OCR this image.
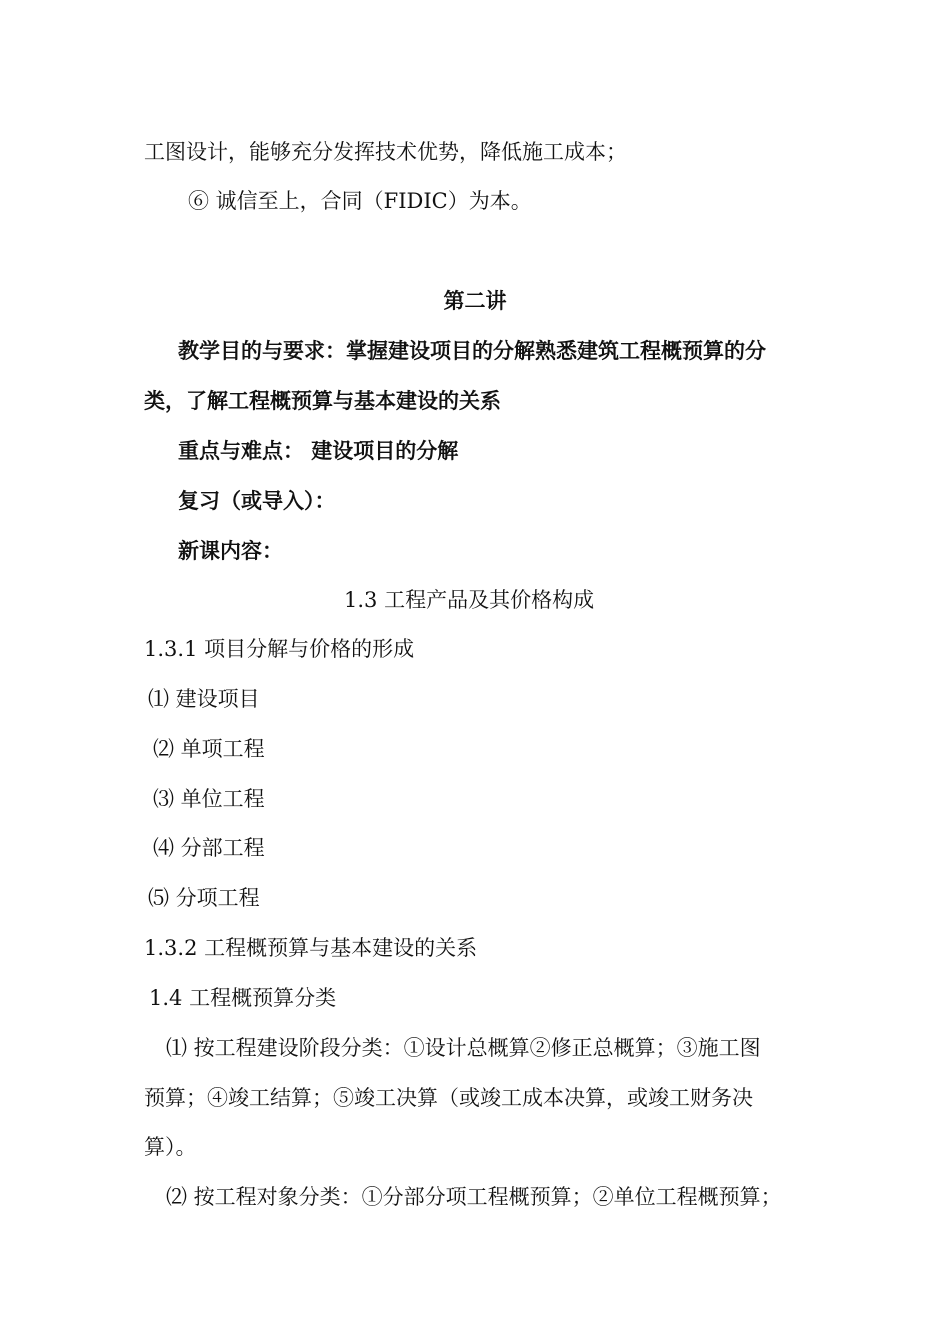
工图设计，能够充分发挥技术优势，降低施工成本；
⑥ 诚信至上，合同（FIDIC）为本。
第二讲
教学目的与要求：掌握建设项目的分解熟悉建筑工程概预算的分
类，了解工程概预算与基本建设的关系
重点与难点： 建设项目的分解
复习（或导入）：
新课内容：
1.3 工程产品及其价格构成
1.3.1 项目分解与价格的形成
⑴ 建设项目
⑵ 单项工程
⑶ 单位工程
⑷ 分部工程
⑸ 分项工程
1.3.2 工程概预算与基本建设的关系
1.4 工程概预算分类
⑴ 按工程建设阶段分类：①设计总概算②修正总概算；③施工图
预算；④竣工结算；⑤竣工决算（或竣工成本决算，或竣工财务决
算）。
⑵ 按工程对象分类：①分部分项工程概预算；②单位工程概预算；
